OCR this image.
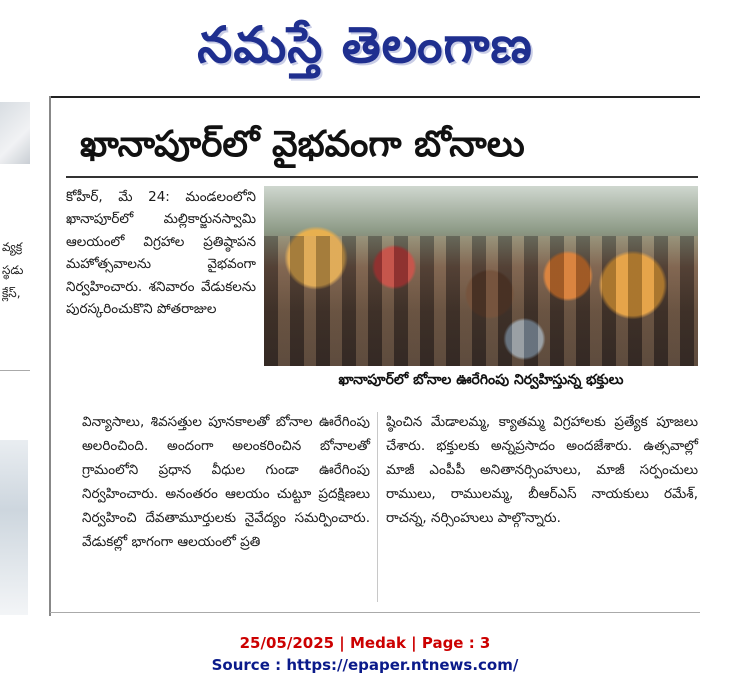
నమస్తే తెలంగాణ
వ్యక్ర
స్థడు
క్లేస్,
ఖానాపూర్‌లో వైభవంగా బోనాలు

కోహీర్, మే 24: మండలంలోని ఖానాపూర్‌లో మల్లికార్జునస్వామి ఆలయంలో విగ్రహాల ప్రతిష్ఠాపన మహోత్సవాలను వైభవంగా నిర్వహించారు. శనివారం వేడుకలను పురస్కరించుకొని పోతరాజుల

ఖానాపూర్‌లో బోనాల ఊరేగింపు నిర్వహిస్తున్న భక్తులు

విన్యాసాలు, శివసత్తుల పూనకాలతో బోనాల ఊరేగింపు అలరించింది. అందంగా అలంకరించిన బోనాలతో గ్రామంలోని ప్రధాన వీధుల గుండా ఊరేగింపు నిర్వహించారు. అనంతరం ఆలయం చుట్టూ ప్రదక్షిణలు నిర్వహించి దేవతామూర్తులకు నైవేద్యం సమర్పించారు. వేడుకల్లో భాగంగా ఆలయంలో ప్రతి

ష్ఠించిన మేడాలమ్మ, క్యాతమ్మ విగ్రహాలకు ప్రత్యేక పూజలు చేశారు. భక్తులకు అన్నప్రసాదం అందజేశారు. ఉత్సవాల్లో మాజీ ఎంపీపీ అనితానర్సింహులు, మాజీ సర్పంచులు రాములు, రాములమ్మ, బీఆర్‌ఎస్ నాయకులు రమేశ్, రాచన్న, నర్సింహులు పాల్గొన్నారు.

25/05/2025 | Medak | Page : 3
Source : https://epaper.ntnews.com/
